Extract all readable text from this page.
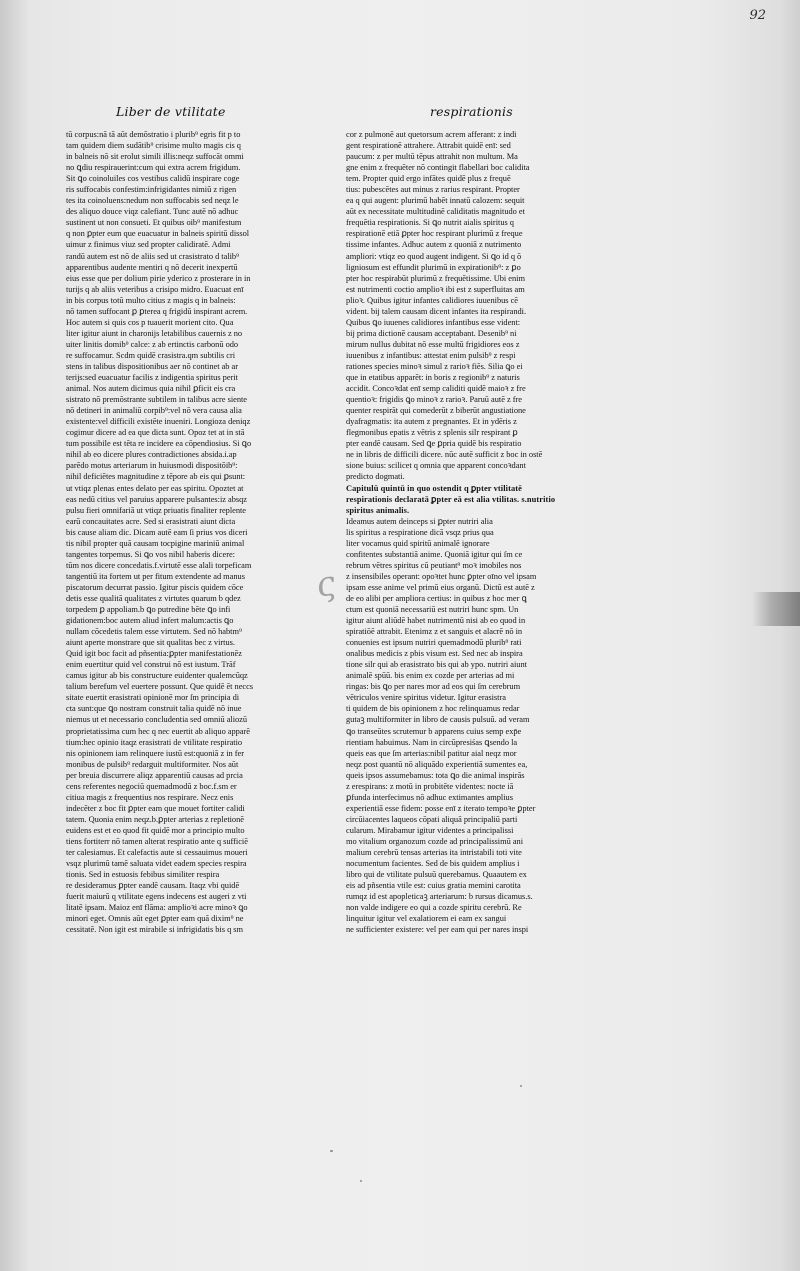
92
Liber de vtilitate	respirationis
tū corpus:nā tā aūt demōstratio i plurib⁹ egris fit p to
tam quidem diem sudātib⁹ crisime multo magis cis q
in balneis nō sit erolut simili illis:neqz suffocāt ommi
no ꝗdiu respirauerint:cum qui extra acrem frigidum.
Sit ꝗo coinoluiles cos vestibus calidū inspirare coge
ris suffocabis confestim:infrigidantes nimiū z rigen
tes ita coinoluens:nedum non suffocabis sed neqz le
des aliquo douce viqz calefiant. Tunc autē nō adhuc
sustinent ut non consueti. Et quibus oib⁹ manifestum
q non ꝑpter eum que euacuatur in balneis spiritū dissol
uimur z finimus viuz sed propter calidiratē. Admi
randū autem est nō de aliis sed ut crasistrato d talib⁹
apparentibus audente mentiri q nō decerit inexpertū
eius esse que per dolium pirie yderico z prosterare in in
turijs q ab aliis veteribus a crisipo midro. Euacuat enī
in bis corpus totū multo citius z magis q in balneis:
nō tamen suffocant ꝑ ꝑterea q frigidū inspirant acrem.
Hoc autem si quis cos p tuauerit morient cito. Qua
liter igitur aiunt in charonijs letabilibus cauernis z no
uiter linitis domib⁹ calce: z ab ertinctis carbonū odo
re suffocamur. Scdm quidē crasistra.qm subtilis cri
stens in talibus dispositionibus aer nō continet ab ar
terijs:sed euacuatur facilis z indigentia spiritus perit
animal. Nos autem dicimus quia nihil ꝑficit eis cra
sistrato nō premōstrante subtilem in talibus acre siente
nō detineri in animaliū corpib⁹:vel nō vera causa alia
existente:vel difficili existēte inueniri. Longioza deniqz
cogimur dicere ad ea que dicta sunt. Opoz tet at in stā
tum possibile est tēta re incidere ea cōpendiosius. Si ꝗo
nihil ab eo dicere plures contradictiones absida.i.ap
parēdo motus arteriarum in huiusmodi dispositōib⁹:
nihil deficiētes magnitudine z tēpore ab eis qui ꝑsunt:
ut vtiqz plenas entes delato per eas spiritu. Opoztet at
eas nedū citius vel paruius apparere pulsantes:iz absqz
pulsu fieri omnifariā ut vtiqz priuatis finaliter replente
earū concauitates acre. Sed si erasistrati aiunt dicta
bis cause aliam dic. Dicam autē eam ſi prius vos diceri
tis nibil propter quā causam tocpigine mariniū animal
tangentes torpemus. Si ꝗo vos nibil haberis dicere:
tūm nos dicere concedatis.f.virtutē esse alali torpeficam
tangentiū ita fortem ut per fitum extendente ad manus
piscatorum decurrat passio. Igitur piscis quidem cōce
detis esse qualitā qualitates z virtutes quarum b qdez
torpedem ꝑ appoliam.b ꝗo putredine bēte ꝗo infi
gidationem:boc autem aliud infert malum:actis ꝗo
nullam cōcedetis talem esse virtutem. Sed nō habtm⁹
aiunt aperte monstrare que sit qualitas bec z virtus.
Quid igit boc facit ad pñsentia:ꝑpter manifestationēz
enim euertitur quid vel construi nō est iustum. Trāf
camus igitur ab bis constructure euidenter qualemcūqz
talium berefum vel euertere possunt. Que quidē ēt neccs
sitate euertit erasistrati opinionē mor ſm principia di
cta sunt:que ꝗo nostram construit talia quidē nō inue
niemus ut et necessario concludentia sed omniū aliozū
proprietatissima cum hec q nec euertit ab aliquo apparē
tium:hec opinio itaqz erasistrati de vtilitate respiratio
nis opinionem iam relinquere iustū est:quoniā z in fer
monibus de pulsib⁹ redarguit multiformiter. Nos aūt
per breuia discurrere aliqz apparentiū causas ad prcia
cens referentes negociū quemadmodū z boc.f.sm er
citiua magis z frequentius nos respirare. Necz enis
indecēter z boc fit ꝑpter eam que mouet fortiter calidi
tatem. Quonia enim neqz.b.ꝑpter arterias z repletionē
euidens est et eo quod fit quidē mor a principio multo
tiens fortiterr nō tamen alterat respiratio ante q sufficiē
ter calesiamus. Et calefactis aute si cessauimus moueri
vsqz plurimū tamē saluata videt eadem species respira
tionis. Sed in estuosis febibus similiter respira
re desideramus ꝑpter eandē causam. Itaqz vbi quidē
fuerit maiurū q vtilitate egens indecens est augeri z vti
litatē ipsam. Maioz enī flāma: amplioꝛi acre minoꝛ ꝗo
minori eget. Omnis aūt eget ꝑpter eam quā dixim⁹ ne
cessitatē. Non igit est mirabile si infrigidatis bis q sm
cor z pulmonē aut quetorsum acrem afferant: z indi
gent respirationē attrahere. Attrabit quidē enī: sed
paucum: z per multū tēpus attrahit non multum. Ma
gne enim z frequēter nō contingit flabellari boc calidita
tem. Propter quid ergo infātes quidē plus z frequē
tius: pubescētes aut minus z rarius respirant. Propter
ea q qui augent: plurimū habēt innatū calozem: sequit
aūt ex necessitate multitudinē caliditatis magnitudo et
frequētia respirationis. Si ꝗo nutrit aialis spiritus q
respirationē etiā ꝑpter hoc respirant plurimū z freque
tissime infantes. Adhuc autem z quoniā z nutrimento
ampliori: vtiqz eo quod augent indigent. Si ꝗo id q ō
ligniosum est effundit plurimū in expirationib⁹: z ꝑo
pter hoc respirabūt plurimū z frequētissime. Ubi enim
est nutrimenti coctio amplioꝛ ibi est z superfluitas am
plioꝛ. Quibus igitur infantes calidiores iuuenibus cē
vident. bij talem causam dicent infantes ita respirandi.
Quibus ꝗo iuuenes calidiores infantibus esse vident:
bij prima dictionē causam acceptabant. Desenib⁹ ni
mirum nullus dubitat nō esse multū frigidiores eos z
iuuenibus z infantibus: attestat enim pulsib⁹ z respi
rationes species minoꝛ simul z rarioꝛ fiēs. Silia ꝗo ei
que in etatibus apparēt: in boris z regionib⁹ z naturis
accidit. Concoꝛdat enī semp caliditi quidē maioꝛ z fre
quentioꝛ: frigidis ꝗo minoꝛ z rarioꝛ. Paruū autē z fre
quenter respirāt qui comederūt z biberūt angustiatione
dyafragmatis: ita autem z pregnantes. Et in ydēris z
flegmonibus epatis z vētris z splenis silr respirant ꝑ
pter eandē causam. Sed ꝗe ꝑpria quidē bis respiratio
ne in libris de difficili dicere. nūc autē sufficit z boc in ostē
sione buius: scilicet q omnia que apparent concoꝛdant
predicto dogmati.
Capitulū quintū in quo ostendit q ꝑpter vtilitatē
respirationis declaratā ꝑpter eā est alia vtilitas. s.nutritio
spiritus animalis.
Ideamus autem deinceps si ꝑpter nutriri alia
lis spiritus a respiratione dicā vsqz prius qua
liter vocamus quid spiritū animalē ignorare
confitentes substantiā anime. Quoniā igitur qui ſm ce
rebrum vētres spiritus cū peutiant⁹ moꝛ imobiles nos
z insensibiles operant: opoꝛtet hunc ꝑpter oīno vel ipsam
ipsam esse anime vel primū eius organū. Dictū est autē z
de eo alibi per ampliora certius: in quibus z hoc mer ꝗ
ctum est quoniā necessariū est nutriri hunc spm. Un
igitur aiunt aliūdē habet nutrimentū nisi ab eo quod in
spiratiōē attrabit. Etenimz z et sanguis et alacrē nō in
conuenies est ipsum nutriri quemadmodū plurib⁹ rati
onalibus medicis z pbis visum est. Sed nec ab inspira
tione silr qui ab erasistrato bis qui ab ypo. nutriri aiunt
animalē spūū. bis enim ex cozde per arterias ad mi
ringas: bis ꝗo per nares mor ad eos qui ſm cerebrum
vētriculos venire spiritus videtur. Igitur erasistra
ti quidem de bis opinionem z hoc relinquamus redar
gutaꝫ multiformiter in libro de causis pulsuū. ad veram
ꝗo transeūtes scrutemur b apparens cuius semp exp̄e
rientiam habuimus. Nam in circūpresiśas ꝗsendo la
queis eas que ſm arterias:nibil patitur aial neqz mor
neqz post quantū nō aliquādo experientiā sumentes ea,
queis ipsos assumebamus: tota ꝗo die animal inspirās
z erespirans: z motū in probitēte videntes: nocte iā
ꝑfunda interfecimus nō adhuc extimantes amplius
experientiā esse fidem: posse enī z iterato tempoꝛe ꝑpter
circūiacentes laqueos cōpati aliquā principaliū parti
cularum. Mirabamur igitur videntes a principalissi
mo vitalium organozum cozde ad principalissimū ani
malium cerebrū tensas arterias ita intristabili toti vite
nocumentum facientes. Sed de bis quidem amplius i
libro qui de vtilitate pulsuū querebamus. Quaautem ex
eis ad pñsentia vtile est: cuius gratia memini carotita
rumqz id est apopleticaꝫ arteriarum: b rursus dicamus.s.
non valde indigere eo qui a cozde spiritu cerebrū. Re
linquitur igitur vel exalatiorem ei eam ex sangui
ne sufficienter existere: vel per eam qui per nares inspi
ς
